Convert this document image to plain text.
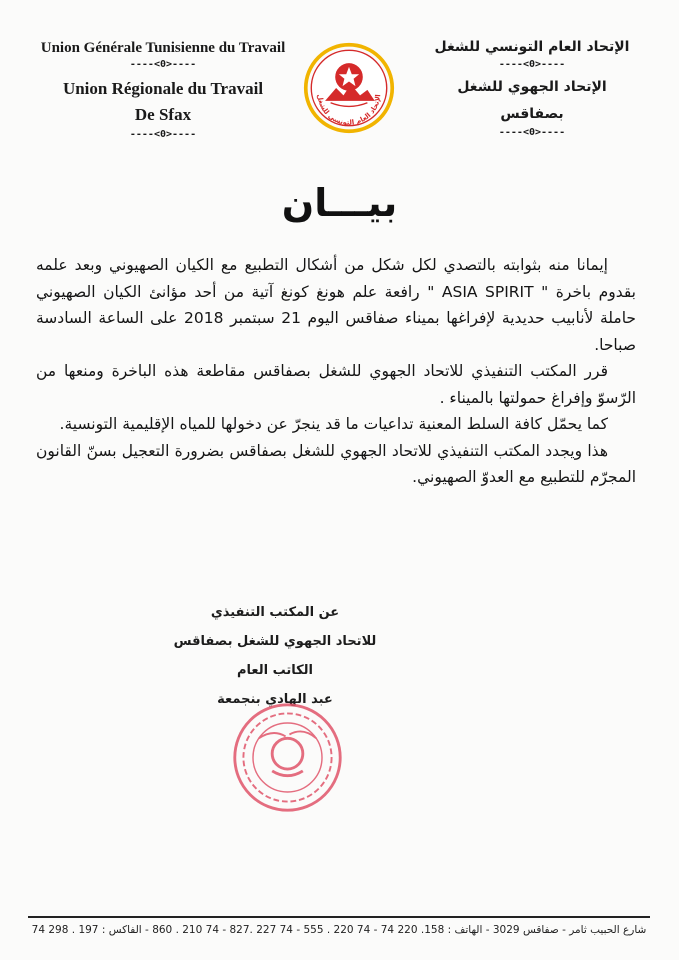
Union Générale Tunisienne du Travail
----<0>----
Union Régionale du Travail
De Sfax
----<0>----
الإتحاد العام التونسي للشغل
الإتحاد العام التونسي للشغل
----<0>----
الإتحاد الجهوي للشغل
بصفاقس
----<0>----
بيـــان

إيمانا منه بثوابته بالتصدي لكل شكل من أشكال التطبيع مع الكيان الصهيوني وبعد علمه بقدوم باخرة " ASIA SPIRIT " رافعة علم هونغ كونغ آتية من أحد مؤانئ الكيان الصهيوني حاملة لأنابيب حديدية لإفراغها بميناء صفاقس اليوم 21 سبتمبر 2018 على الساعة السادسة صباحا.

قرر المكتب التنفيذي للاتحاد الجهوي للشغل بصفاقس مقاطعة هذه الباخرة ومنعها من الرّسوّ وإفراغ حمولتها بالميناء .

كما يحمّل كافة السلط المعنية تداعيات ما قد ينجرّ عن دخولها للمياه الإقليمية التونسية.

هذا ويجدد المكتب التنفيذي للاتحاد الجهوي للشغل بصفاقس بضرورة التعجيل بسنّ القانون المجرّم للتطبيع مع العدوّ الصهيوني.

عن المكتب التنفيذي
للاتحاد الجهوي للشغل بصفاقس
الكاتب العام
عبد الهادي بنجمعة
شارع الحبيب ثامر - صفاقس 3029 - الهاتف : 158. 220 74 - 74 220 . 555 - 74 227 .827 - 74 210 . 860 - الفاكس : 197 . 298 74
